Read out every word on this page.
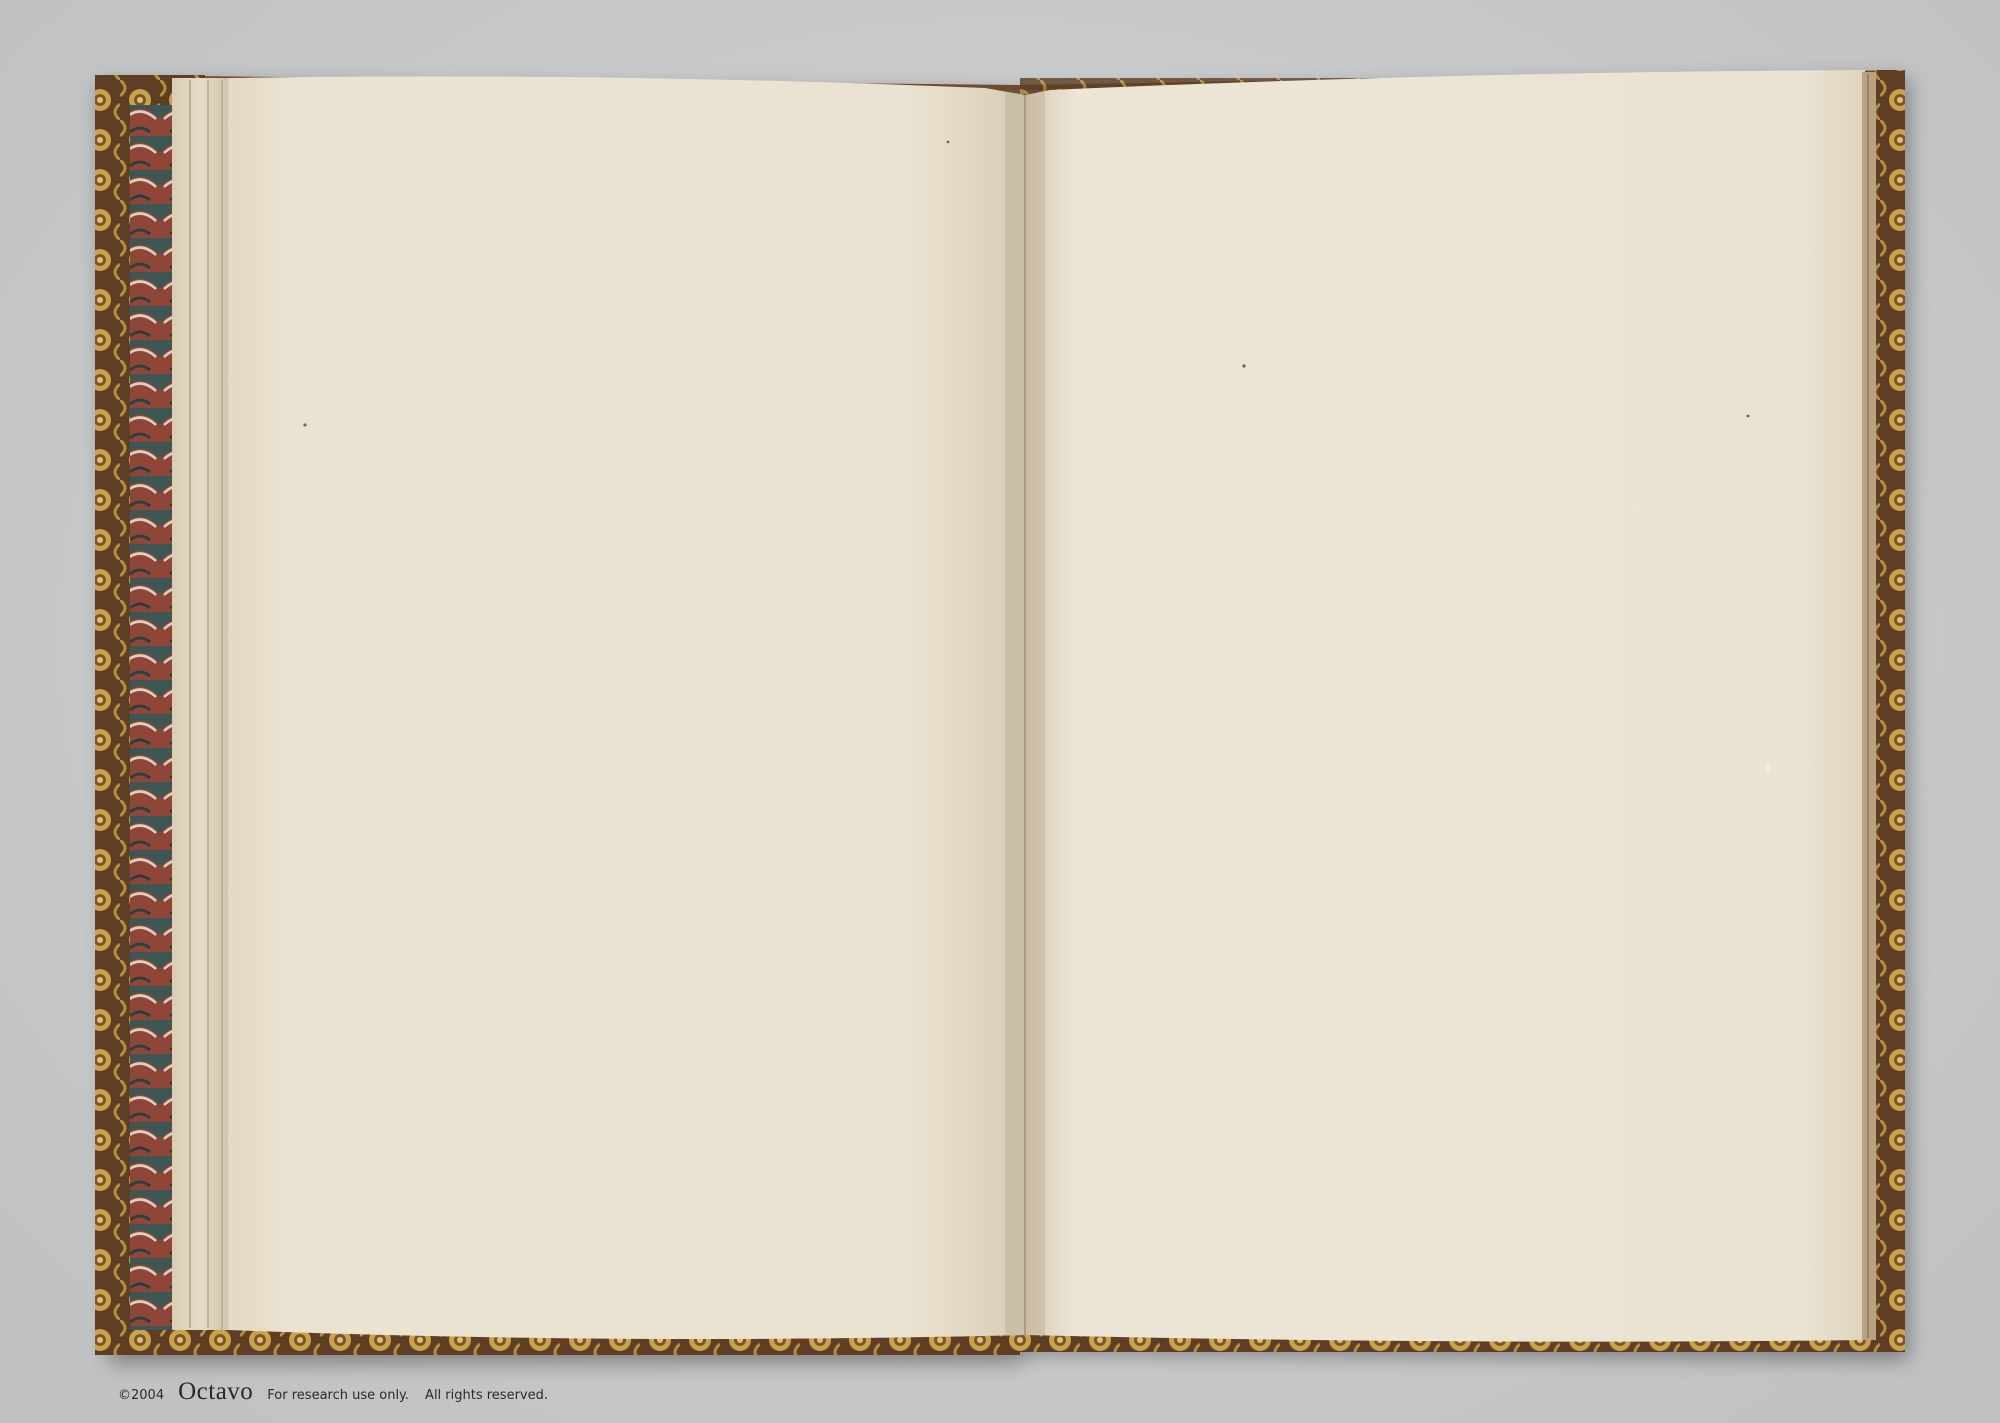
©2004 Octavo For research use only. All rights reserved.
